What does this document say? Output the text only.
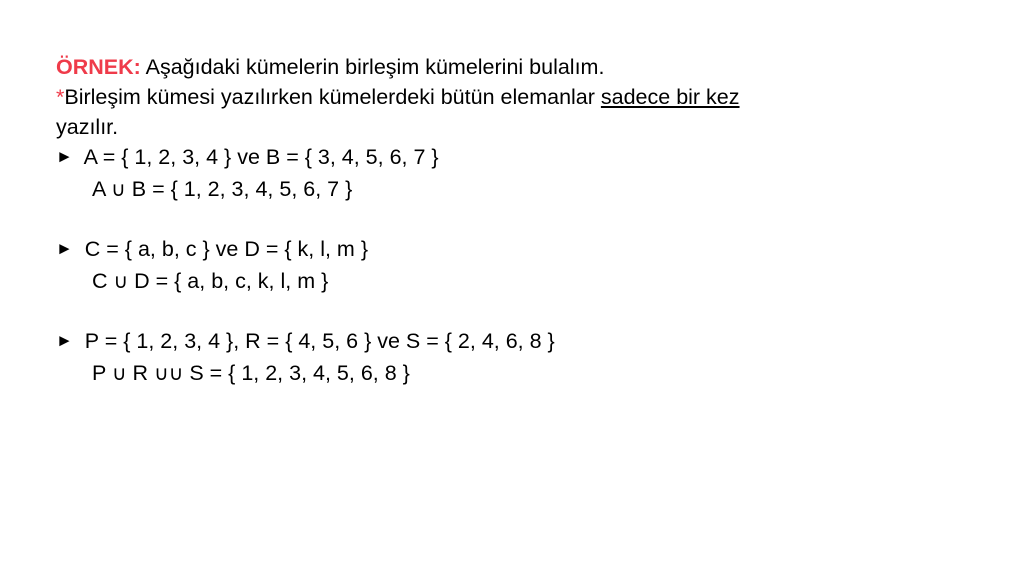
ÖRNEK: Aşağıdaki kümelerin birleşim kümelerini bulalım.
*Birleşim kümesi yazılırken kümelerdeki bütün elemanlar sadece bir kez
yazılır.
► A = { 1, 2, 3, 4 } ve B = { 3, 4, 5, 6, 7 }
A ∪ B = { 1, 2, 3, 4, 5, 6, 7 }
► C = { a, b, c } ve D = { k, l, m }
C ∪ D = { a, b, c, k, l, m }
► P = { 1, 2, 3, 4 }, R = { 4, 5, 6 } ve S = { 2, 4, 6, 8 }
P ∪ R ∪∪ S = { 1, 2, 3, 4, 5, 6, 8 }
